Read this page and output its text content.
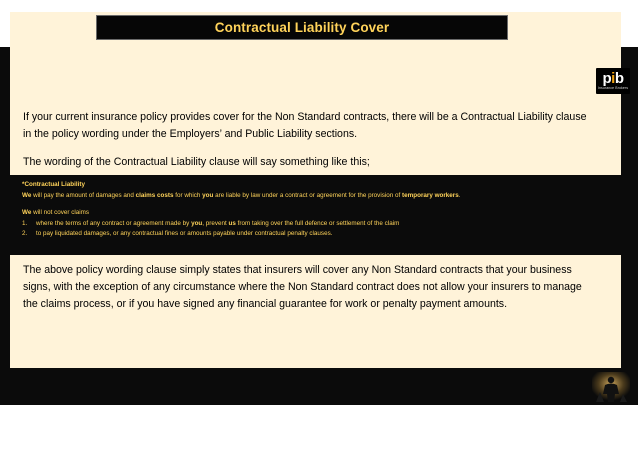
Contractual Liability Cover
pib
Insurance Brokers

If your current insurance policy provides cover for the Non Standard contracts, there will be a Contractual Liability clause

in the policy wording under the Employers’ and Public Liability sections.

The wording of the Contractual Liability clause will say something like this;

*Contractual Liability

We will pay the amount of damages and claims costs for which you are liable by law under a contract or agreement for the provision of temporary workers.

We will not cover claims

1. where the terms of any contract or agreement made by you, prevent us from taking over the full defence or settlement of the claim

2. to pay liquidated damages, or any contractual fines or amounts payable under contractual penalty clauses.

The above policy wording clause simply states that insurers will cover any Non Standard contracts that your business

signs, with the exception of any circumstance where the Non Standard contract does not allow your insurers to manage

the claims process, or if you have signed any financial guarantee for work or penalty payment amounts.
